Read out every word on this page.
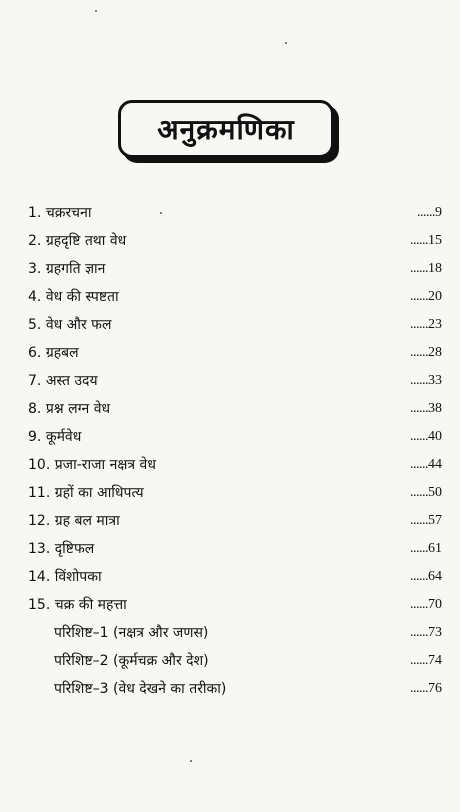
अनुक्रमणिका
1. चक्ररचना	......9
2. ग्रहदृष्टि तथा वेध	......15
3. ग्रहगति ज्ञान	......18
4. वेध की स्पष्टता	......20
5. वेध और फल	......23
6. ग्रहबल	......28
7. अस्त उदय	......33
8. प्रश्न लग्न वेध	......38
9. कूर्मवेध	......40
10. प्रजा-राजा नक्षत्र वेध	......44
11. ग्रहों का आधिपत्य	......50
12. ग्रह बल मात्रा	......57
13. दृष्टिफल	......61
14. विंशोपका	......64
15. चक्र की महत्ता	......70
परिशिष्ट–1 (नक्षत्र और जणस)	......73
परिशिष्ट–2 (कूर्मचक्र और देश)	......74
परिशिष्ट–3 (वेध देखने का तरीका)	......76
